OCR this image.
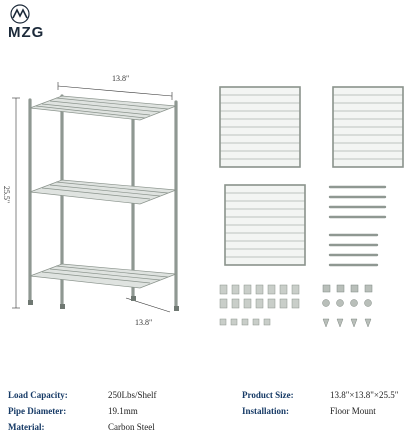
MZG
13.8"
25.5"
13.8"
Load Capacity:	250Lbs/Shelf
Pipe Diameter:	19.1mm
Material:	Carbon Steel
Product Size:	13.8"×13.8"×25.5"
Installation:	Floor Mount
